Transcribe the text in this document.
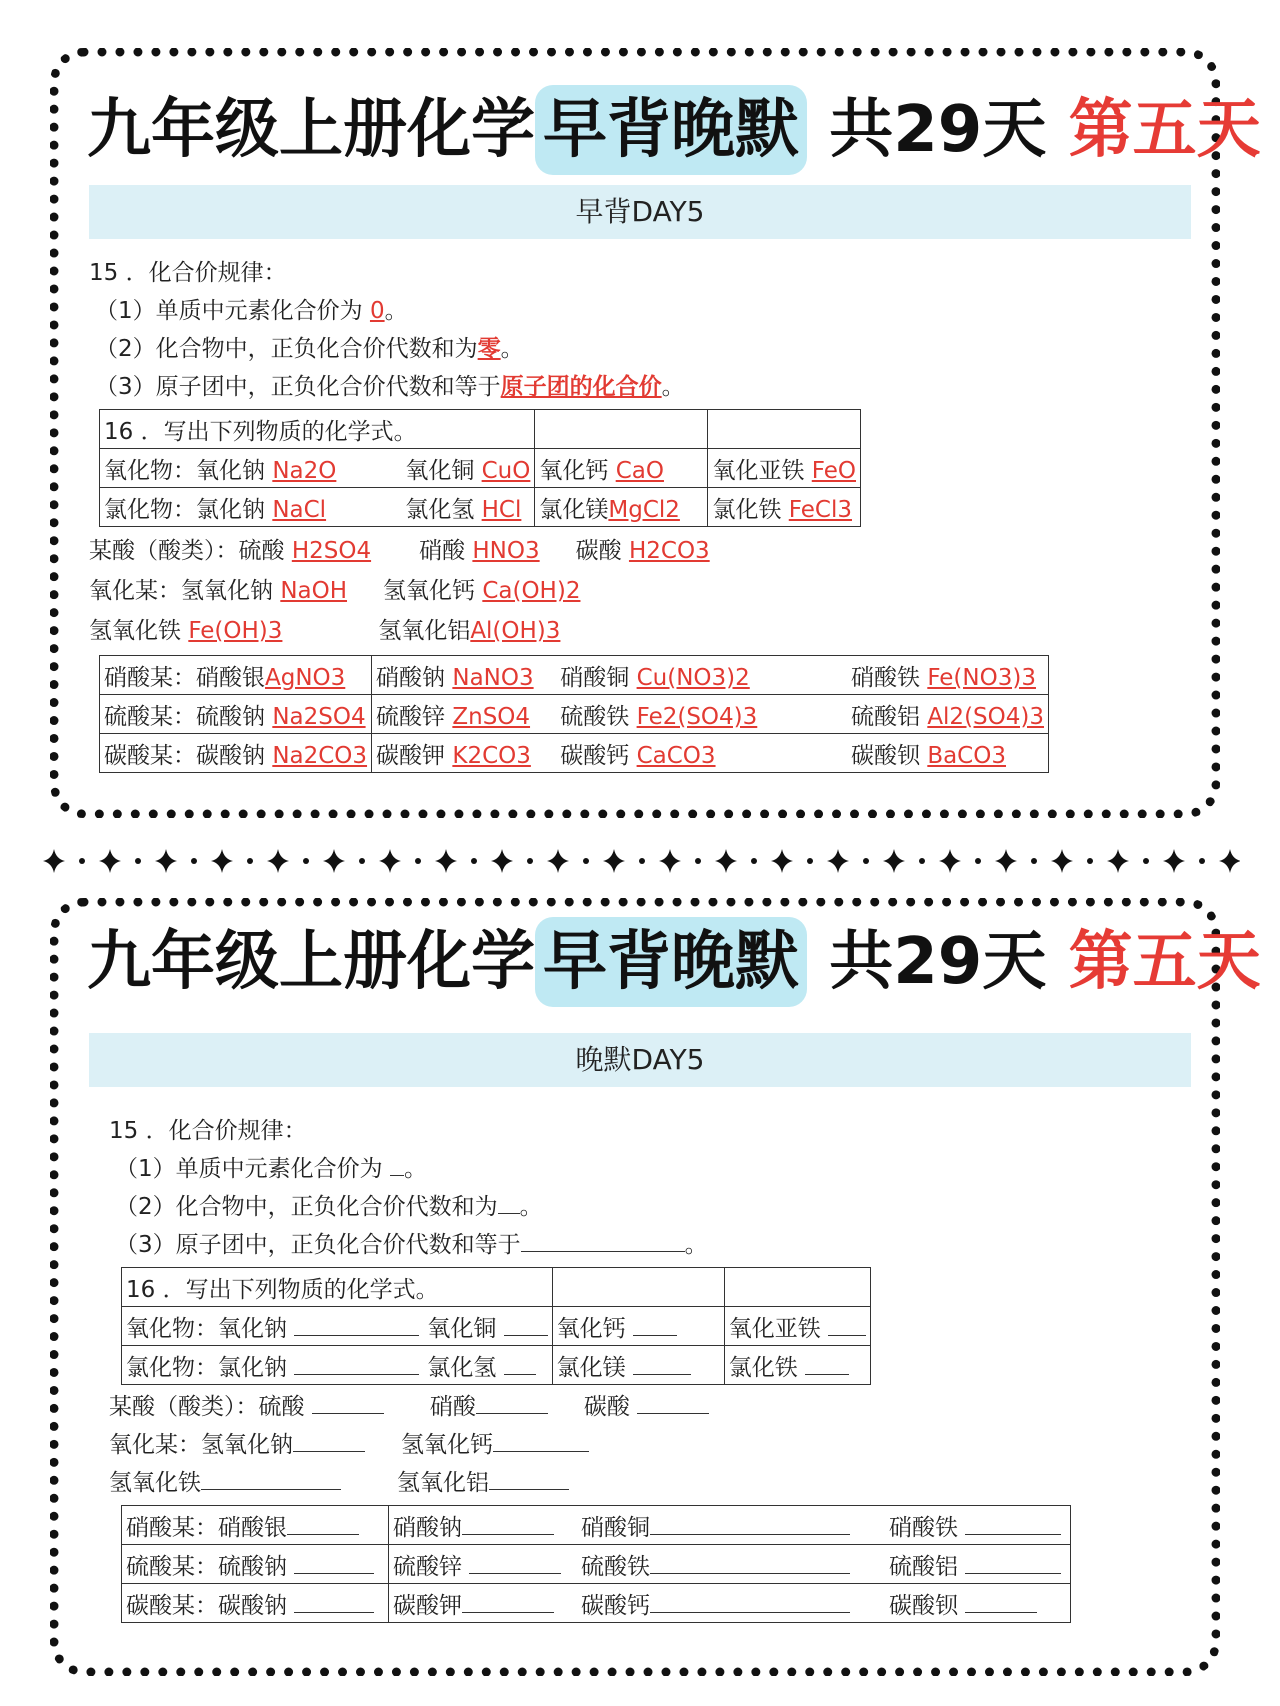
九年级上册化学 早背晚默 共29天 第五天
早背DAY5
15 ．化合价规律：
（1）单质中元素化合价为 0。
（2）化合物中，正负化合价代数和为零。
（3）原子团中，正负化合价代数和等于原子团的化合价。
16 ．写出下列物质的化学式。			
氧化物：氧化钠 Na2O	氧化铜 CuO	氧化钙 CaO	氧化亚铁 FeO
氯化物：氯化钠 NaCl	氯化氢 HCl	氯化镁MgCl2	氯化铁 FeCl3
某酸（酸类）：硫酸 H2SO4 硝酸 HNO3 碳酸 H2CO3
氧化某：氢氧化钠 NaOH 氢氧化钙 Ca(OH)2
氢氧化铁 Fe(OH)3	氢氧化铝Al(OH)3
硝酸某：硝酸银AgNO3	硝酸钠 NaNO3	硝酸铜 Cu(NO3)2	硝酸铁 Fe(NO3)3
硫酸某：硫酸钠 Na2SO4	硫酸锌 ZnSO4	硫酸铁 Fe2(SO4)3	硫酸铝 Al2(SO4)3
碳酸某：碳酸钠 Na2CO3	碳酸钾 K2CO3	碳酸钙 CaCO3	碳酸钡 BaCO3
九年级上册化学 早背晚默 共29天 第五天
晚默DAY5
15 ．化合价规律：
（1）单质中元素化合价为 。
（2）化合物中，正负化合价代数和为 。
（3）原子团中，正负化合价代数和等于	。
16 ．写出下列物质的化学式。			
氧化物：氧化钠	氧化铜	氧化钙	氧化亚铁
氯化物：氯化钠	氯化氢	氯化镁	氯化铁
某酸（酸类）：硫酸	硝酸	碳酸
氧化某：氢氧化钠	氢氧化钙
氢氧化铁	氢氧化铝
硝酸某：硝酸银	硝酸钠	硝酸铜	硝酸铁
硫酸某：硫酸钠	硫酸锌	硫酸铁	硫酸铝
碳酸某：碳酸钠	碳酸钾	碳酸钙	碳酸钡
